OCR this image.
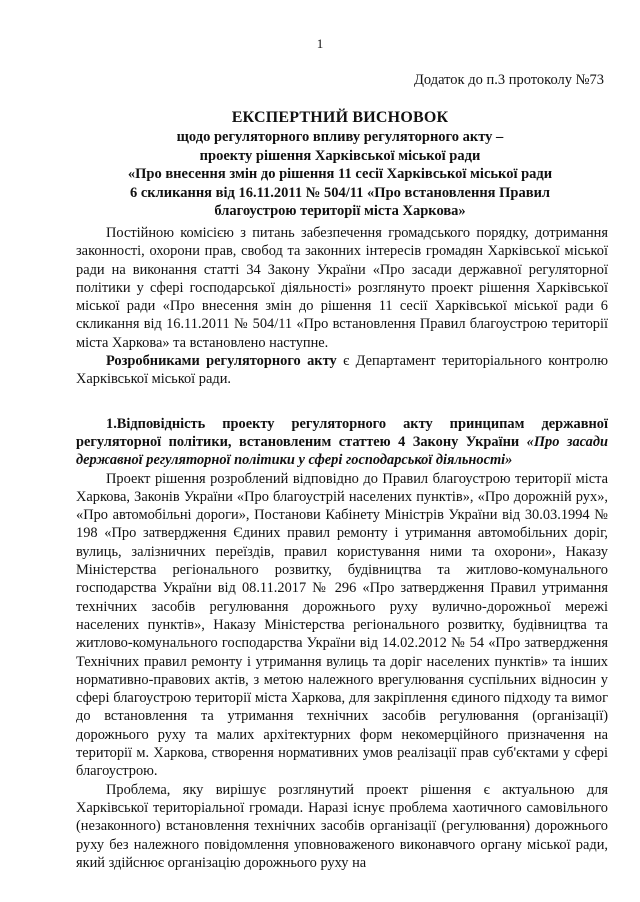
1
Додаток до п.3 протоколу №73
ЕКСПЕРТНИЙ ВИСНОВОК
щодо регуляторного впливу регуляторного акту –
проекту рішення Харківської міської ради
«Про внесення змін до рішення 11 сесії Харківської міської ради
6 скликання від 16.11.2011 № 504/11 «Про встановлення Правил
благоустрою території міста Харкова»

Постійною комісією з питань забезпечення громадського порядку, дотримання законності, охорони прав, свобод та законних інтересів громадян Харківської міської ради на виконання статті 34 Закону України «Про засади державної регуляторної політики у сфері господарської діяльності» розглянуто проект рішення Харківської міської ради «Про внесення змін до рішення 11 сесії Харківської міської ради 6 скликання від 16.11.2011 № 504/11 «Про встановлення Правил благоустрою території міста Харкова» та встановлено наступне.

Розробниками регуляторного акту є Департамент територіального контролю Харківської міської ради.

1.Відповідність проекту регуляторного акту принципам державної регуляторної політики, встановленим статтею 4 Закону України «Про засади державної регуляторної політики у сфері господарської діяльності»

Проект рішення розроблений відповідно до Правил благоустрою території міста Харкова, Законів України «Про благоустрій населених пунктів», «Про дорожній рух», «Про автомобільні дороги», Постанови Кабінету Міністрів України від 30.03.1994 № 198 «Про затвердження Єдиних правил ремонту і утримання автомобільних доріг, вулиць, залізничних переїздів, правил користування ними та охорони», Наказу Міністерства регіонального розвитку, будівництва та житлово-комунального господарства України від 08.11.2017 № 296 «Про затвердження Правил утримання технічних засобів регулювання дорожнього руху вулично-дорожньої мережі населених пунктів», Наказу Міністерства регіонального розвитку, будівництва та житлово-комунального господарства України від 14.02.2012 № 54 «Про затвердження Технічних правил ремонту і утримання вулиць та доріг населених пунктів» та інших нормативно-правових актів, з метою належного врегулювання суспільних відносин у сфері благоустрою території міста Харкова, для закріплення єдиного підходу та вимог до встановлення та утримання технічних засобів регулювання (організації) дорожнього руху та малих архітектурних форм некомерційного призначення на території м. Харкова, створення нормативних умов реалізації прав суб'єктами у сфері благоустрою.

Проблема, яку вирішує розглянутий проект рішення є актуальною для Харківської територіальної громади. Наразі існує проблема хаотичного самовільного (незаконного) встановлення технічних засобів організації (регулювання) дорожнього руху без належного повідомлення уповноваженого виконавчого органу міської ради, який здійснює організацію дорожнього руху на
